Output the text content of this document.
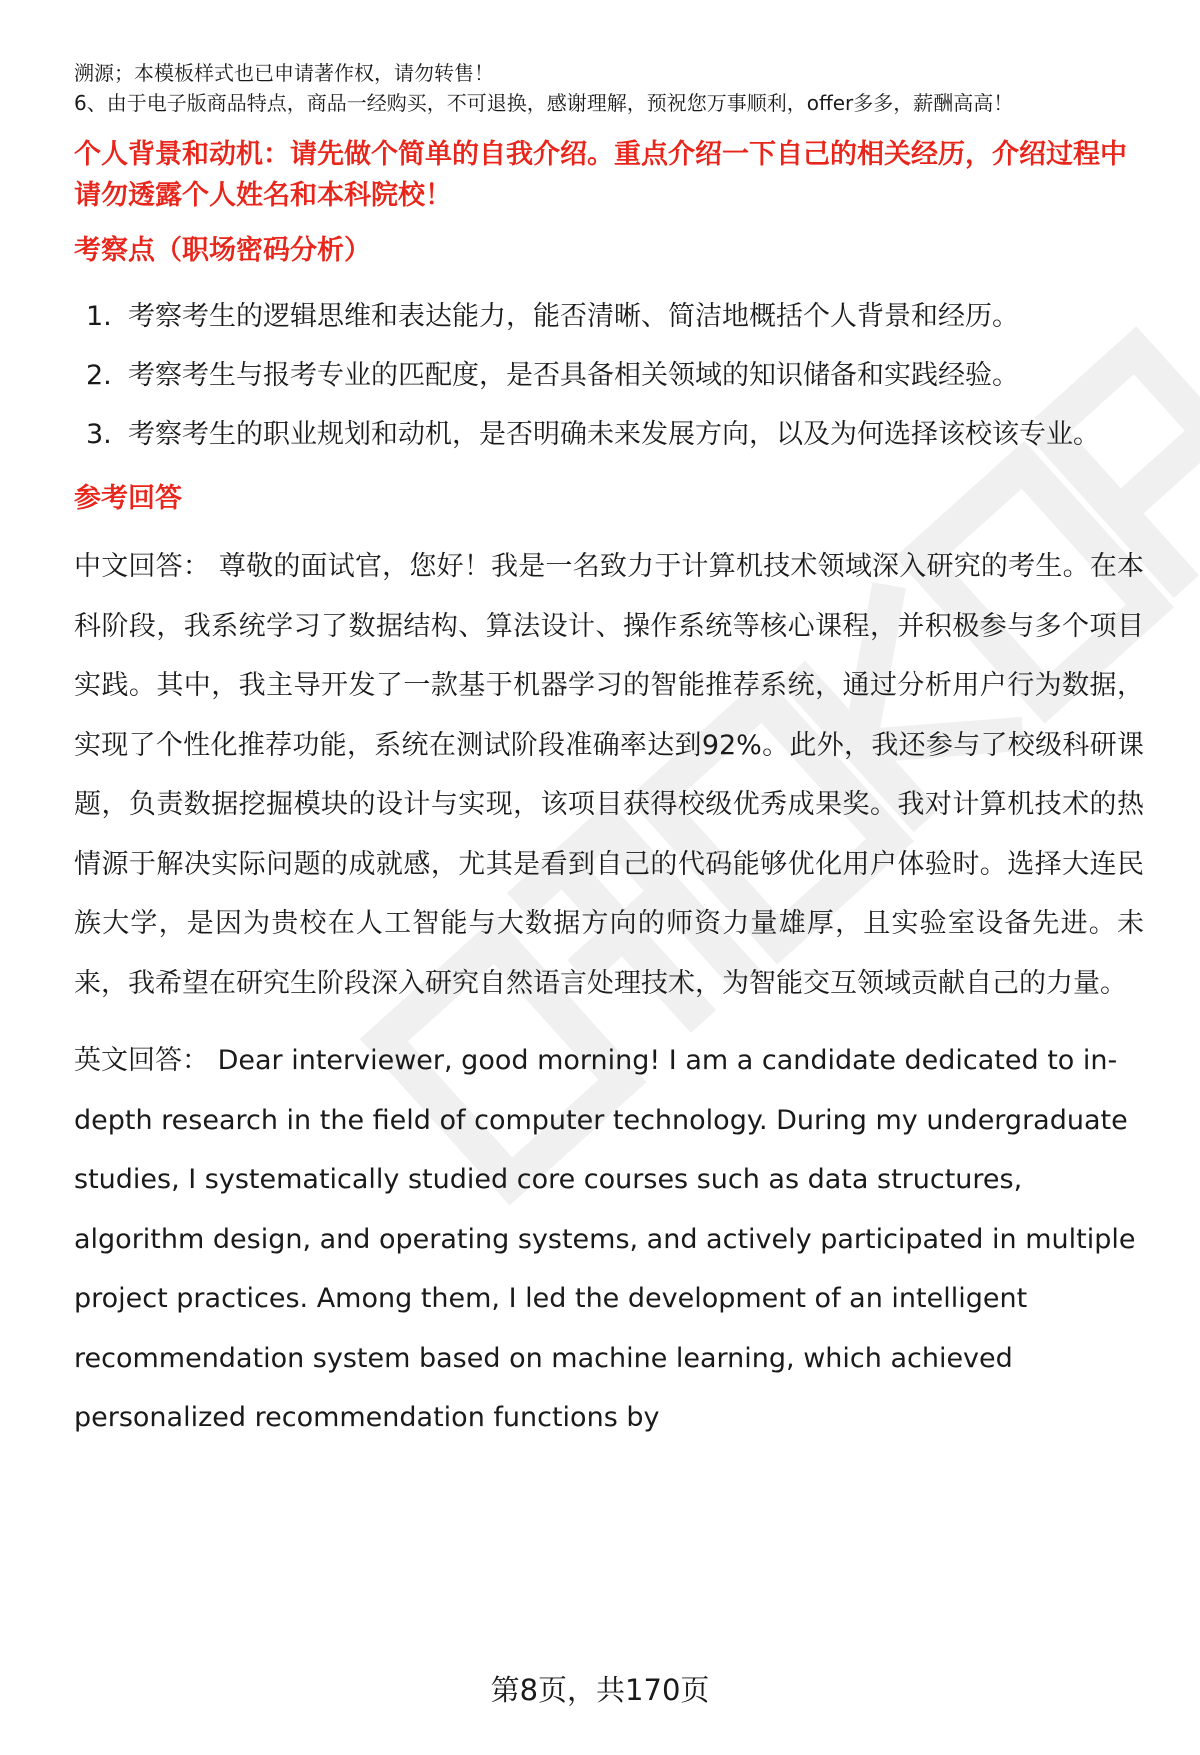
溯源；本模板样式也已申请著作权，请勿转售！

6、由于电子版商品特点，商品一经购买，不可退换，感谢理解，预祝您万事顺利，offer多多，薪酬高高！

个人背景和动机：请先做个简单的自我介绍。重点介绍一下自己的相关经历，介绍过程中请勿透露个人姓名和本科院校！
考察点（职场密码分析）
1. 考察考生的逻辑思维和表达能力，能否清晰、简洁地概括个人背景和经历。
2. 考察考生与报考专业的匹配度，是否具备相关领域的知识储备和实践经验。
3. 考察考生的职业规划和动机，是否明确未来发展方向，以及为何选择该校该专业。
参考回答
中文回答： 尊敬的面试官，您好！我是一名致力于计算机技术领域深入研究的考生。在本科阶段，我系统学习了数据结构、算法设计、操作系统等核心课程，并积极参与多个项目实践。其中，我主导开发了一款基于机器学习的智能推荐系统，通过分析用户行为数据，实现了个性化推荐功能，系统在测试阶段准确率达到92%。此外，我还参与了校级科研课题，负责数据挖掘模块的设计与实现，该项目获得校级优秀成果奖。我对计算机技术的热情源于解决实际问题的成就感，尤其是看到自己的代码能够优化用户体验时。选择大连民族大学，是因为贵校在人工智能与大数据方向的师资力量雄厚，且实验室设备先进。未来，我希望在研究生阶段深入研究自然语言处理技术，为智能交互领域贡献自己的力量。
英文回答： Dear interviewer, good morning! I am a candidate dedicated to in-depth research in the field of computer technology. During my undergraduate studies, I systematically studied core courses such as data structures, algorithm design, and operating systems, and actively participated in multiple project practices. Among them, I led the development of an intelligent recommendation system based on machine learning, which achieved personalized recommendation functions by
第8页，共170页
